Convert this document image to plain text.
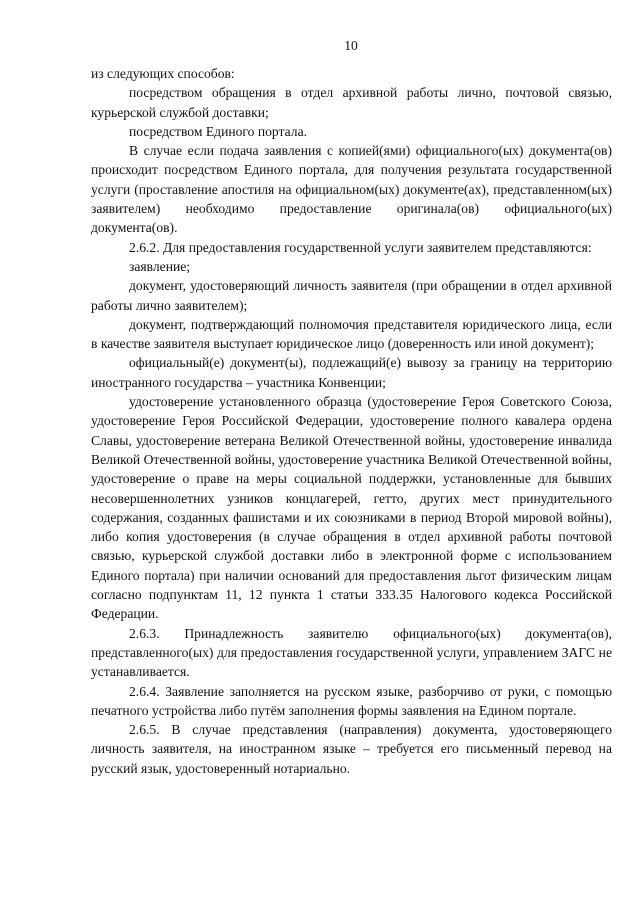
10

из следующих способов:

посредством обращения в отдел архивной работы лично, почтовой связью, курьерской службой доставки;

посредством Единого портала.

В случае если подача заявления с копией(ями) официального(ых) документа(ов) происходит посредством Единого портала, для получения результата государственной услуги (проставление апостиля на официальном(ых) документе(ах), представленном(ых) заявителем) необходимо предоставление оригинала(ов) официального(ых) документа(ов).

2.6.2. Для предоставления государственной услуги заявителем представляются:

заявление;

документ, удостоверяющий личность заявителя (при обращении в отдел архивной работы лично заявителем);

документ, подтверждающий полномочия представителя юридического лица, если в качестве заявителя выступает юридическое лицо (доверенность или иной документ);

официальный(е) документ(ы), подлежащий(е) вывозу за границу на территорию иностранного государства – участника Конвенции;

удостоверение установленного образца (удостоверение Героя Советского Союза, удостоверение Героя Российской Федерации, удостоверение полного кавалера ордена Славы, удостоверение ветерана Великой Отечественной войны, удостоверение инвалида Великой Отечественной войны, удостоверение участника Великой Отечественной войны, удостоверение о праве на меры социальной поддержки, установленные для бывших несовершеннолетних узников концлагерей, гетто, других мест принудительного содержания, созданных фашистами и их союзниками в период Второй мировой войны), либо копия удостоверения (в случае обращения в отдел архивной работы почтовой связью, курьерской службой доставки либо в электронной форме с использованием Единого портала) при наличии оснований для предоставления льгот физическим лицам согласно подпунктам 11, 12 пункта 1 статьи 333.35 Налогового кодекса Российской Федерации.

2.6.3. Принадлежность заявителю официального(ых) документа(ов), представленного(ых) для предоставления государственной услуги, управлением ЗАГС не устанавливается.

2.6.4. Заявление заполняется на русском языке, разборчиво от руки, с помощью печатного устройства либо путём заполнения формы заявления на Едином портале.

2.6.5. В случае представления (направления) документа, удостоверяющего личность заявителя, на иностранном языке – требуется его письменный перевод на русский язык, удостоверенный нотариально.
